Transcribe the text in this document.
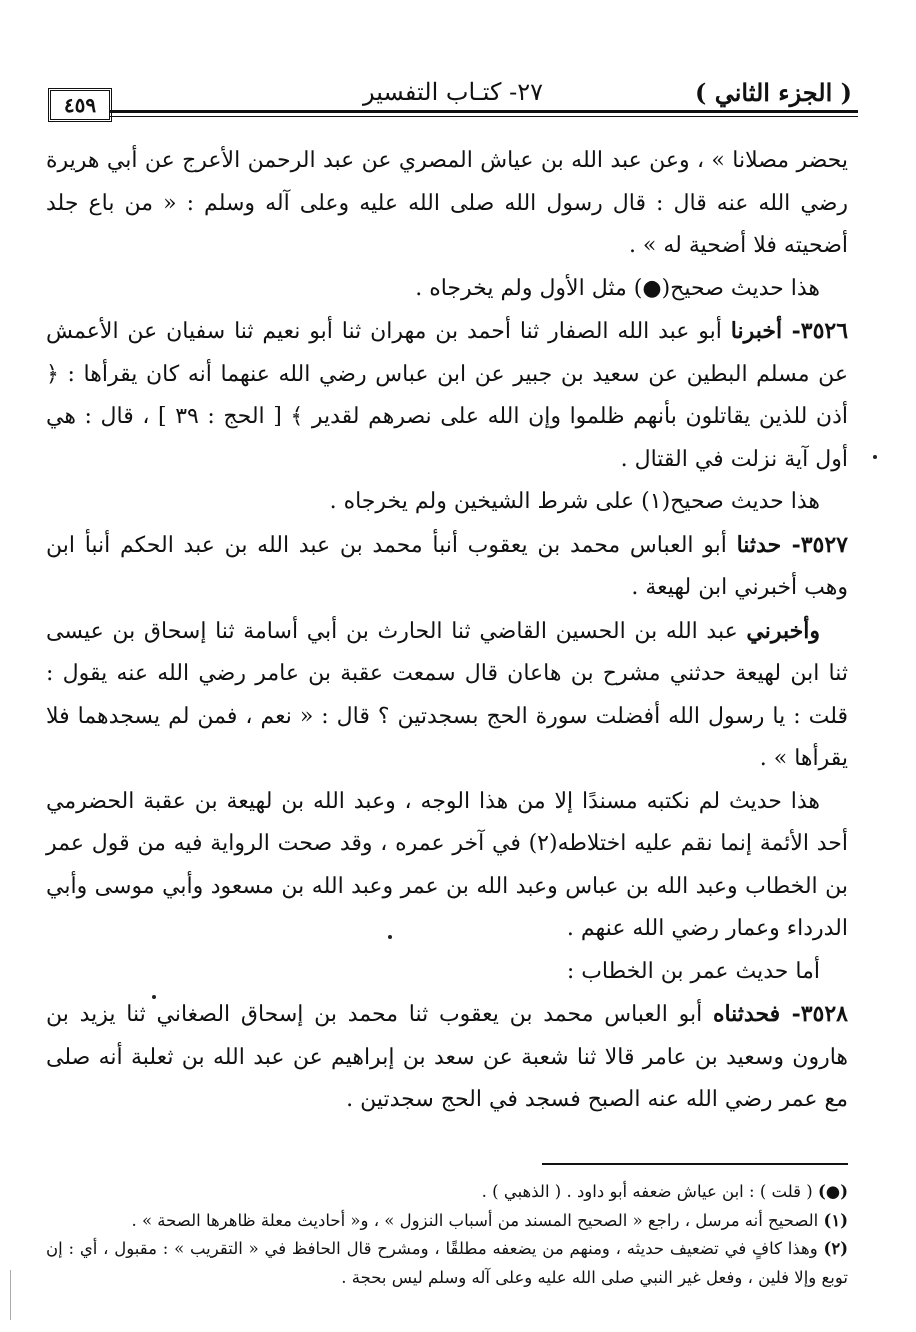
٤٥٩	٢٧- كتـاب التفسير	( الجزء الثاني )

يحضر مصلانا » ، وعن عبد الله بن عياش المصري عن عبد الرحمن الأعرج عن أبي هريرة رضي الله عنه قال : قال رسول الله صلى الله عليه وعلى آله وسلم : « من باع جلد أضحيته فلا أضحية له » .

هذا حديث صحيح(●) مثل الأول ولم يخرجاه .

٣٥٢٦- أخبرنا أبو عبد الله الصفار ثنا أحمد بن مهران ثنا أبو نعيم ثنا سفيان عن الأعمش عن مسلم البطين عن سعيد بن جبير عن ابن عباس رضي الله عنهما أنه كان يقرأها : ﴿ أذن للذين يقاتلون بأنهم ظلموا وإن الله على نصرهم لقدير ﴾ [ الحج : ٣٩ ] ، قال : هي أول آية نزلت في القتال .

هذا حديث صحيح(١) على شرط الشيخين ولم يخرجاه .

٣٥٢٧- حدثنا أبو العباس محمد بن يعقوب أنبأ محمد بن عبد الله بن عبد الحكم أنبأ ابن وهب أخبرني ابن لهيعة .

وأخبرني عبد الله بن الحسين القاضي ثنا الحارث بن أبي أسامة ثنا إسحاق بن عيسى ثنا ابن لهيعة حدثني مشرح بن هاعان قال سمعت عقبة بن عامر رضي الله عنه يقول : قلت : يا رسول الله أفضلت سورة الحج بسجدتين ؟ قال : « نعم ، فمن لم يسجدهما فلا يقرأها » .

هذا حديث لم نكتبه مسندًا إلا من هذا الوجه ، وعبد الله بن لهيعة بن عقبة الحضرمي أحد الأئمة إنما نقم عليه اختلاطه(٢) في آخر عمره ، وقد صحت الرواية فيه من قول عمر بن الخطاب وعبد الله بن عباس وعبد الله بن عمر وعبد الله بن مسعود وأبي موسى وأبي الدرداء وعمار رضي الله عنهم .

أما حديث عمر بن الخطاب :

٣٥٢٨- فحدثناه أبو العباس محمد بن يعقوب ثنا محمد بن إسحاق الصغاني ثنا يزيد بن هارون وسعيد بن عامر قالا ثنا شعبة عن سعد بن إبراهيم عن عبد الله بن ثعلبة أنه صلى مع عمر رضي الله عنه الصبح فسجد في الحج سجدتين .

(●) ( قلت ) : ابن عياش ضعفه أبو داود . ( الذهبي ) .

(١) الصحيح أنه مرسل ، راجع « الصحيح المسند من أسباب النزول » ، و« أحاديث معلة ظاهرها الصحة » .

(٢) وهذا كافٍ في تضعيف حديثه ، ومنهم من يضعفه مطلقًا ، ومشرح قال الحافظ في « التقريب » : مقبول ، أي : إن توبع وإلا فلين ، وفعل غير النبي صلى الله عليه وعلى آله وسلم ليس بحجة .
